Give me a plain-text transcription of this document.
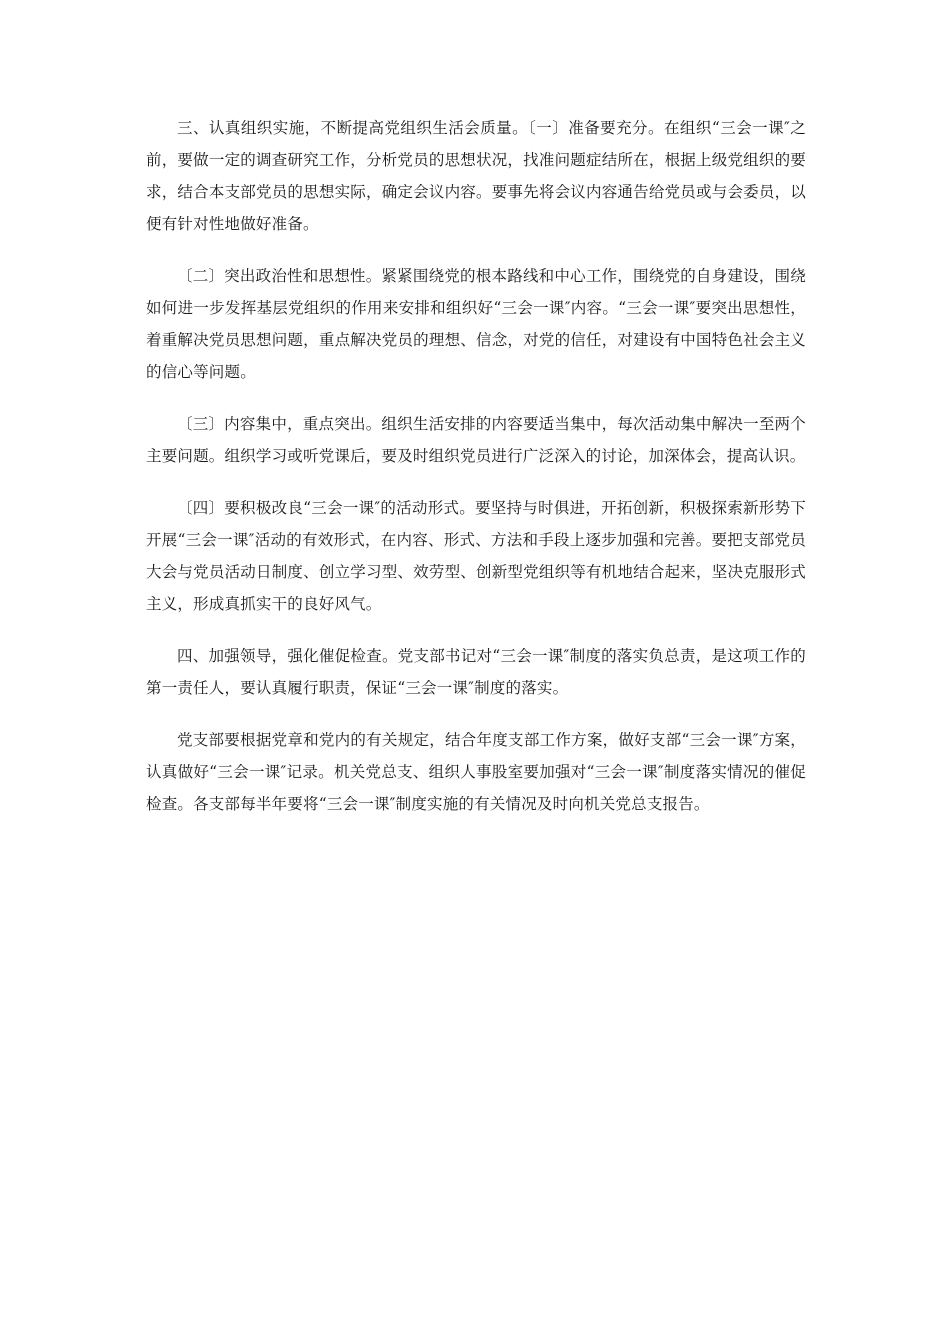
三、认真组织实施，不断提高党组织生活会质量。〔一〕准备要充分。在组织“三会一课″之前，要做一定的调查研究工作，分析党员的思想状况，找准问题症结所在，根据上级党组织的要求，结合本支部党员的思想实际，确定会议内容。要事先将会议内容通告给党员或与会委员，以便有针对性地做好准备。

〔二〕突出政治性和思想性。紧紧围绕党的根本路线和中心工作，围绕党的自身建设，围绕如何进一步发挥基层党组织的作用来安排和组织好“三会一课″内容。“三会一课″要突出思想性，着重解决党员思想问题，重点解决党员的理想、信念，对党的信任，对建设有中国特色社会主义的信心等问题。

〔三〕内容集中，重点突出。组织生活安排的内容要适当集中，每次活动集中解决一至两个主要问题。组织学习或听党课后，要及时组织党员进行广泛深入的讨论，加深体会，提高认识。

〔四〕要积极改良“三会一课″的活动形式。要坚持与时俱进，开拓创新，积极探索新形势下开展“三会一课″活动的有效形式，在内容、形式、方法和手段上逐步加强和完善。要把支部党员大会与党员活动日制度、创立学习型、效劳型、创新型党组织等有机地结合起来，坚决克服形式主义，形成真抓实干的良好风气。

四、加强领导，强化催促检查。党支部书记对“三会一课″制度的落实负总责，是这项工作的第一责任人，要认真履行职责，保证“三会一课″制度的落实。

党支部要根据党章和党内的有关规定，结合年度支部工作方案，做好支部“三会一课″方案，认真做好“三会一课″记录。机关党总支、组织人事股室要加强对“三会一课″制度落实情况的催促检查。各支部每半年要将“三会一课″制度实施的有关情况及时向机关党总支报告。
